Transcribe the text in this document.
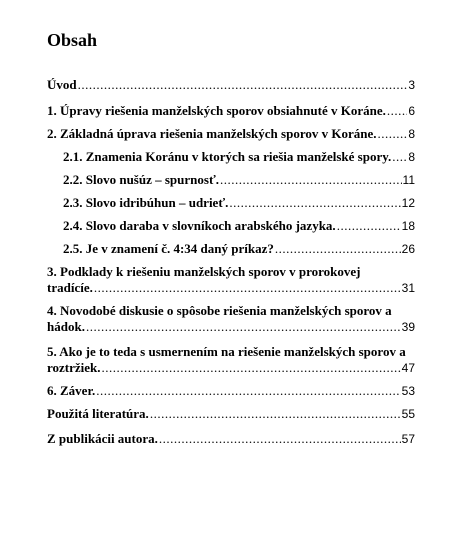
Obsah
Úvod .....	3
1. Úpravy riešenia manželských sporov obsiahnuté v Koráne. ..... 6
2. Základná úprava riešenia manželských sporov v Koráne. .....	8
2.1. Znamenia Koránu v ktorých sa riešia manželské spory. ..... 8
2.2. Slovo nušúz – spurnosť. .....	11
2.3. Slovo idribúhun – udrieť. .....	12
2.4. Slovo daraba v slovníkoch arabského jazyka. .....	18
2.5. Je v znamení č. 4:34 daný príkaz? .....	26
3. Podklady k riešeniu manželských sporov v prorokovej
tradícíe. .....	31
4. Novodobé diskusie o spôsobe riešenia manželských sporov a
hádok. .....	39
5. Ako je to teda s usmernením na riešenie manželských sporov a
roztržiek. .....	47
6. Záver. .....	53
Použitá literatúra. .....	55
Z publikácii autora. .....	57
